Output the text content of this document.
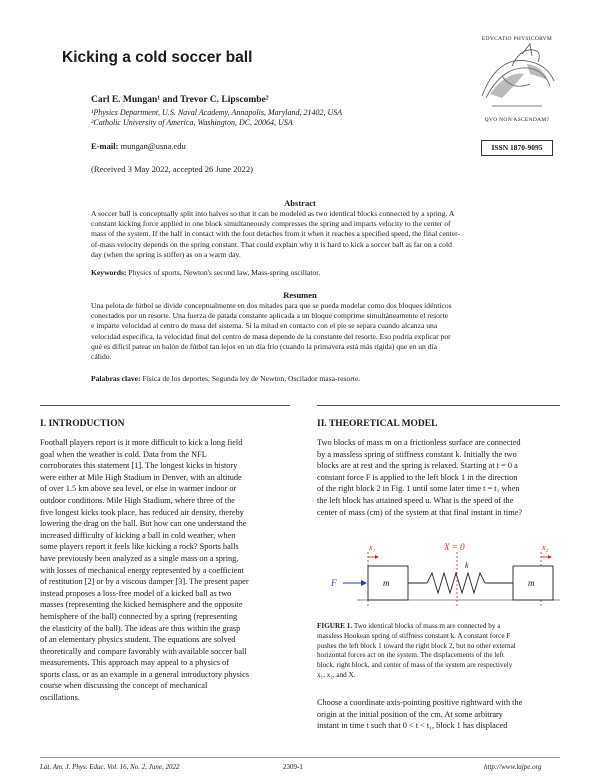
Kicking a cold soccer ball
EDVCATIO PHYSICORVM
QVO NON ASCENDAM?
Carl E. Mungan¹ and Trevor C. Lipscombe²
¹Physics Department, U.S. Naval Academy, Annapolis, Maryland, 21402, USA
²Catholic University of America, Washington, DC, 20064, USA
E-mail: mungan@usna.edu
(Received 3 May 2022, accepted 26 June 2022)
ISSN 1870-9095
Abstract
A soccer ball is conceptually split into halves so that it can be modeled as two identical blocks connected by a spring. A
constant kicking force applied to one block simultaneously compresses the spring and imparts velocity to the center of
mass of the system. If the half in contact with the foot detaches from it when it reaches a specified speed, the final center-
of-mass velocity depends on the spring constant. That could explain why it is hard to kick a soccer ball as far on a cold
day (when the spring is stiffer) as on a warm day.
Keywords: Physics of sports, Newton's second law, Mass-spring oscillator.
Resumen
Una pelota de fútbol se divide conceptualmente en dos mitades para que se pueda modelar como dos bloques idénticos
conectados por un resorte. Una fuerza de patada constante aplicada a un bloque comprime simultáneamente el resorte
e imparte velocidad al centro de masa del sistema. Si la mitad en contacto con el pie se separa cuando alcanza una
velocidad específica, la velocidad final del centro de masa depende de la constante del resorte. Eso podría explicar por
qué es difícil patear un balón de fútbol tan lejos en un día frío (cuando la primavera está más rígida) que en un día
cálido.
Palabras clave: Física de los deportes, Segunda ley de Newton, Oscilador masa-resorte.
I. INTRODUCTION
Football players report is it more difficult to kick a long field
goal when the weather is cold. Data from the NFL
corroborates this statement [1]. The longest kicks in history
were either at Mile High Stadium in Denver, with an altitude
of over 1.5 km above sea level, or else in warmer indoor or
outdoor conditions. Mile High Stadium, where three of the
five longest kicks took place, has reduced air density, thereby
lowering the drag on the ball. But how can one understand the
increased difficulty of kicking a ball in cold weather, when
some players report it feels like kicking a rock? Sports balls
have previously been analyzed as a single mass on a spring,
with losses of mechanical energy represented by a coefficient
of restitution [2] or by a viscous damper [3]. The present paper
instead proposes a loss-free model of a kicked ball as two
masses (representing the kicked hemisphere and the opposite
hemisphere of the ball) connected by a spring (representing
the elasticity of the ball). The ideas are thus within the grasp
of an elementary physics student. The equations are solved
theoretically and compare favorably with available soccer ball
measurements. This approach may appeal to a physics of
sports class, or as an example in a general introductory physics
course when discussing the concept of mechanical
oscillations.
II. THEORETICAL MODEL
Two blocks of mass m on a frictionless surface are connected
by a massless spring of stiffness constant k. Initially the two
blocks are at rest and the spring is relaxed. Starting at t = 0 a
constant force F is applied to the left block 1 in the direction
of the right block 2 in Fig. 1 until some later time t = t₁ when
the left block has attained speed u. What is the speed of the
center of mass (cm) of the system at that final instant in time?
x₁	x₂
X = 0
k
F	m	m
FIGURE 1. Two identical blocks of mass m are connected by a
massless Hookean spring of stiffness constant k. A constant force F
pushes the left block 1 toward the right block 2, but no other external
horizontal forces act on the system. The displacements of the left
block, right block, and center of mass of the system are respectively
x₁, x₂, and X.
Choose a coordinate axis-pointing positive rightward with the
origin at the initial position of the cm. At some arbitrary
instant in time t such that 0 < t < t₁, block 1 has displaced
Lat. Am. J. Phys. Educ. Vol. 16, No. 2, June, 2022	2309-1	http://www.lajpe.org
